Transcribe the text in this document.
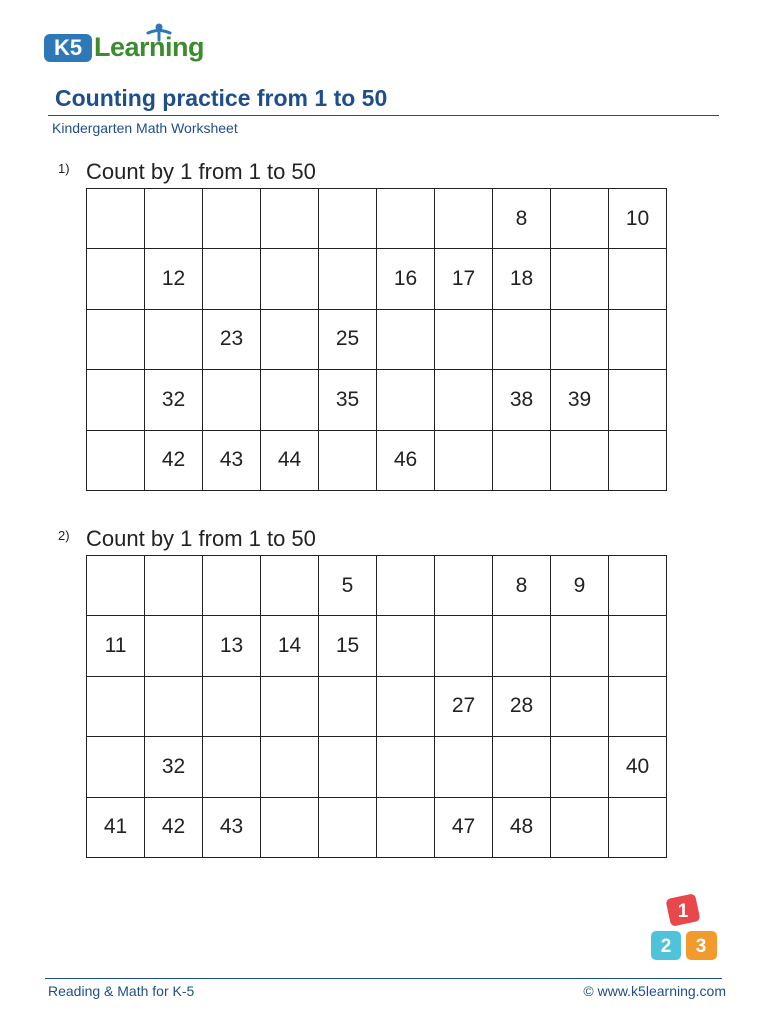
K5 Learning
Counting practice from 1 to 50
Kindergarten Math Worksheet
1) Count by 1 from 1 to 50
							8		10
	12				16	17	18		
		23		25					
	32			35			38	39	
	42	43	44		46				
2) Count by 1 from 1 to 50
				5			8	9	
11		13	14	15					
						27	28		
	32								40
41	42	43				47	48		
1
2 3
Reading & Math for K-5	© www.k5learning.com
